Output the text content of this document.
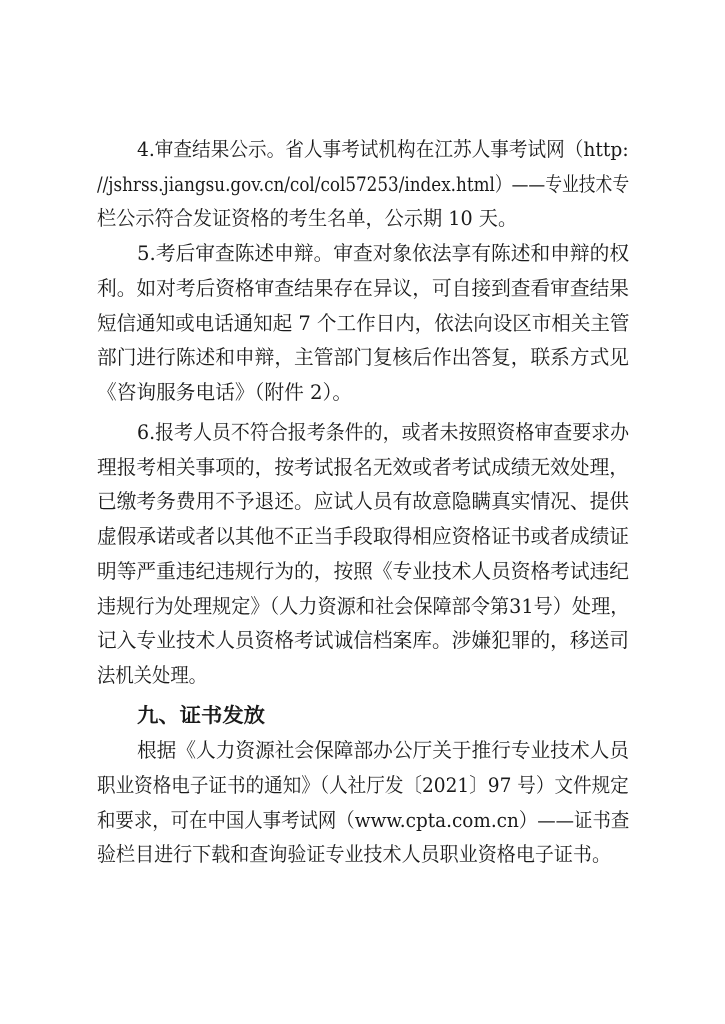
4.审查结果公示。省人事考试机构在江苏人事考试网（http:
//jshrss.jiangsu.gov.cn/col/col57253/index.html）——专业技术专
栏公示符合发证资格的考生名单，公示期 10 天。
5.考后审查陈述申辩。审查对象依法享有陈述和申辩的权
利。如对考后资格审查结果存在异议，可自接到查看审查结果
短信通知或电话通知起 7 个工作日内，依法向设区市相关主管
部门进行陈述和申辩，主管部门复核后作出答复，联系方式见
《咨询服务电话》（附件 2）。
6.报考人员不符合报考条件的，或者未按照资格审查要求办
理报考相关事项的，按考试报名无效或者考试成绩无效处理，
已缴考务费用不予退还。应试人员有故意隐瞒真实情况、提供
虚假承诺或者以其他不正当手段取得相应资格证书或者成绩证
明等严重违纪违规行为的，按照《专业技术人员资格考试违纪
违规行为处理规定》（人力资源和社会保障部令第31号）处理，
记入专业技术人员资格考试诚信档案库。涉嫌犯罪的，移送司
法机关处理。
九、证书发放
根据《人力资源社会保障部办公厅关于推行专业技术人员
职业资格电子证书的通知》（人社厅发〔2021〕97 号）文件规定
和要求，可在中国人事考试网（www.cpta.com.cn）——证书查
验栏目进行下载和查询验证专业技术人员职业资格电子证书。
